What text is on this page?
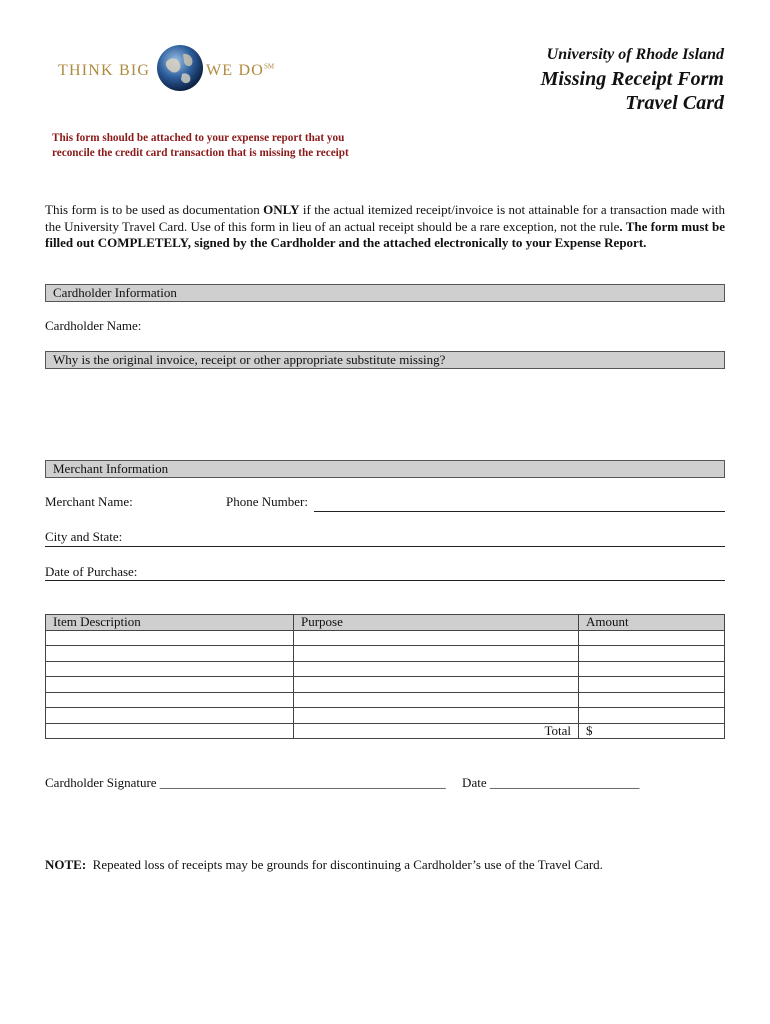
THINK BIG	WE DO℠
University of Rhode Island
Missing Receipt Form
Travel Card
This form should be attached to your expense report that you
reconcile the credit card transaction that is missing the receipt
This form is to be used as documentation ONLY if the actual itemized receipt/invoice is not attainable for a transaction made with the University Travel Card. Use of this form in lieu of an actual receipt should be a rare exception, not the rule. The form must be filled out COMPLETELY, signed by the Cardholder and the attached electronically to your Expense Report.
Cardholder Information
Cardholder Name:
Why is the original invoice, receipt or other appropriate substitute missing?
Merchant Information
Merchant Name:	Phone Number:
City and State:
Date of Purchase:
Item Description	Purpose	Amount

	Total	$
Cardholder Signature ____________________________________________     Date _______________________
NOTE:  Repeated loss of receipts may be grounds for discontinuing a Cardholder’s use of the Travel Card.
